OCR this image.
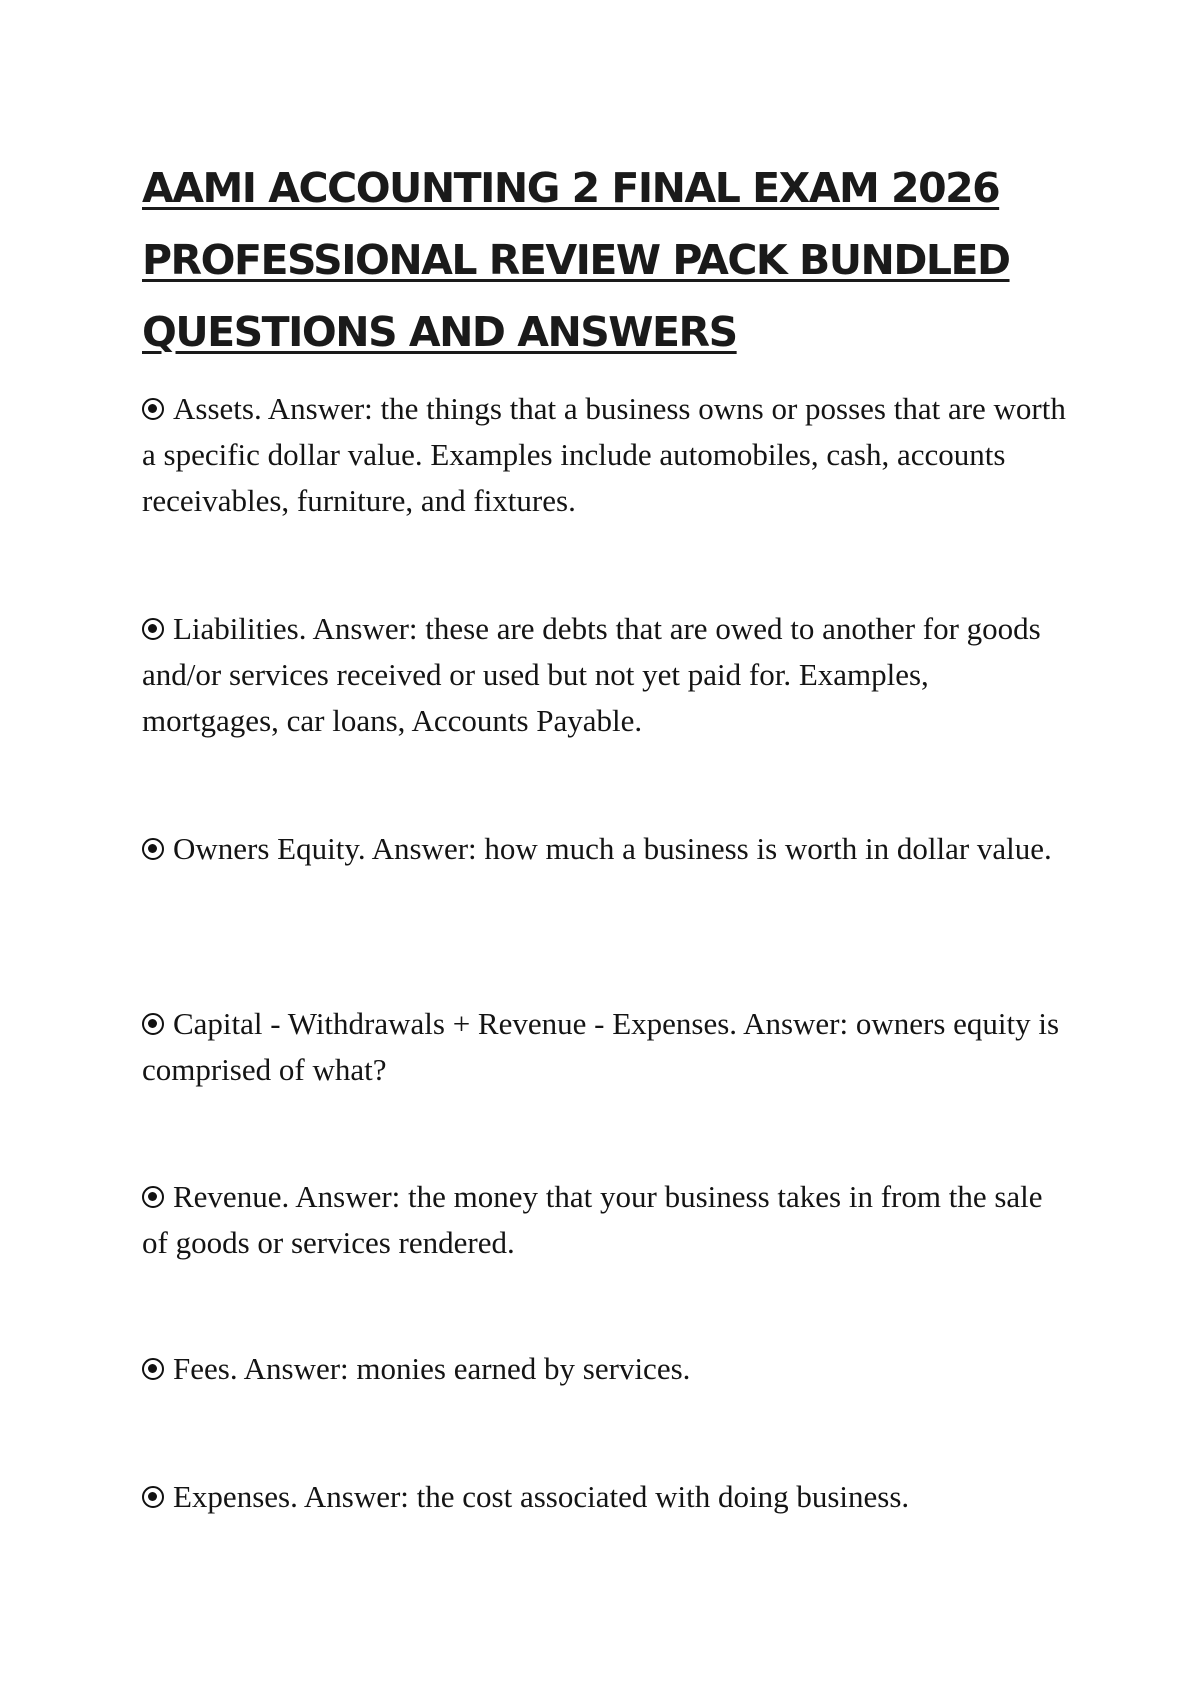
AAMI ACCOUNTING 2 FINAL EXAM 2026 PROFESSIONAL REVIEW PACK BUNDLED QUESTIONS AND ANSWERS
Assets. Answer: the things that a business owns or posses that are worth a specific dollar value. Examples include automobiles, cash, accounts receivables, furniture, and fixtures.
Liabilities. Answer: these are debts that are owed to another for goods and/or services received or used but not yet paid for. Examples, mortgages, car loans, Accounts Payable.
Owners Equity. Answer: how much a business is worth in dollar value.
Capital - Withdrawals + Revenue - Expenses. Answer: owners equity is comprised of what?
Revenue. Answer: the money that your business takes in from the sale of goods or services rendered.
Fees. Answer: monies earned by services.
Expenses. Answer: the cost associated with doing business.
